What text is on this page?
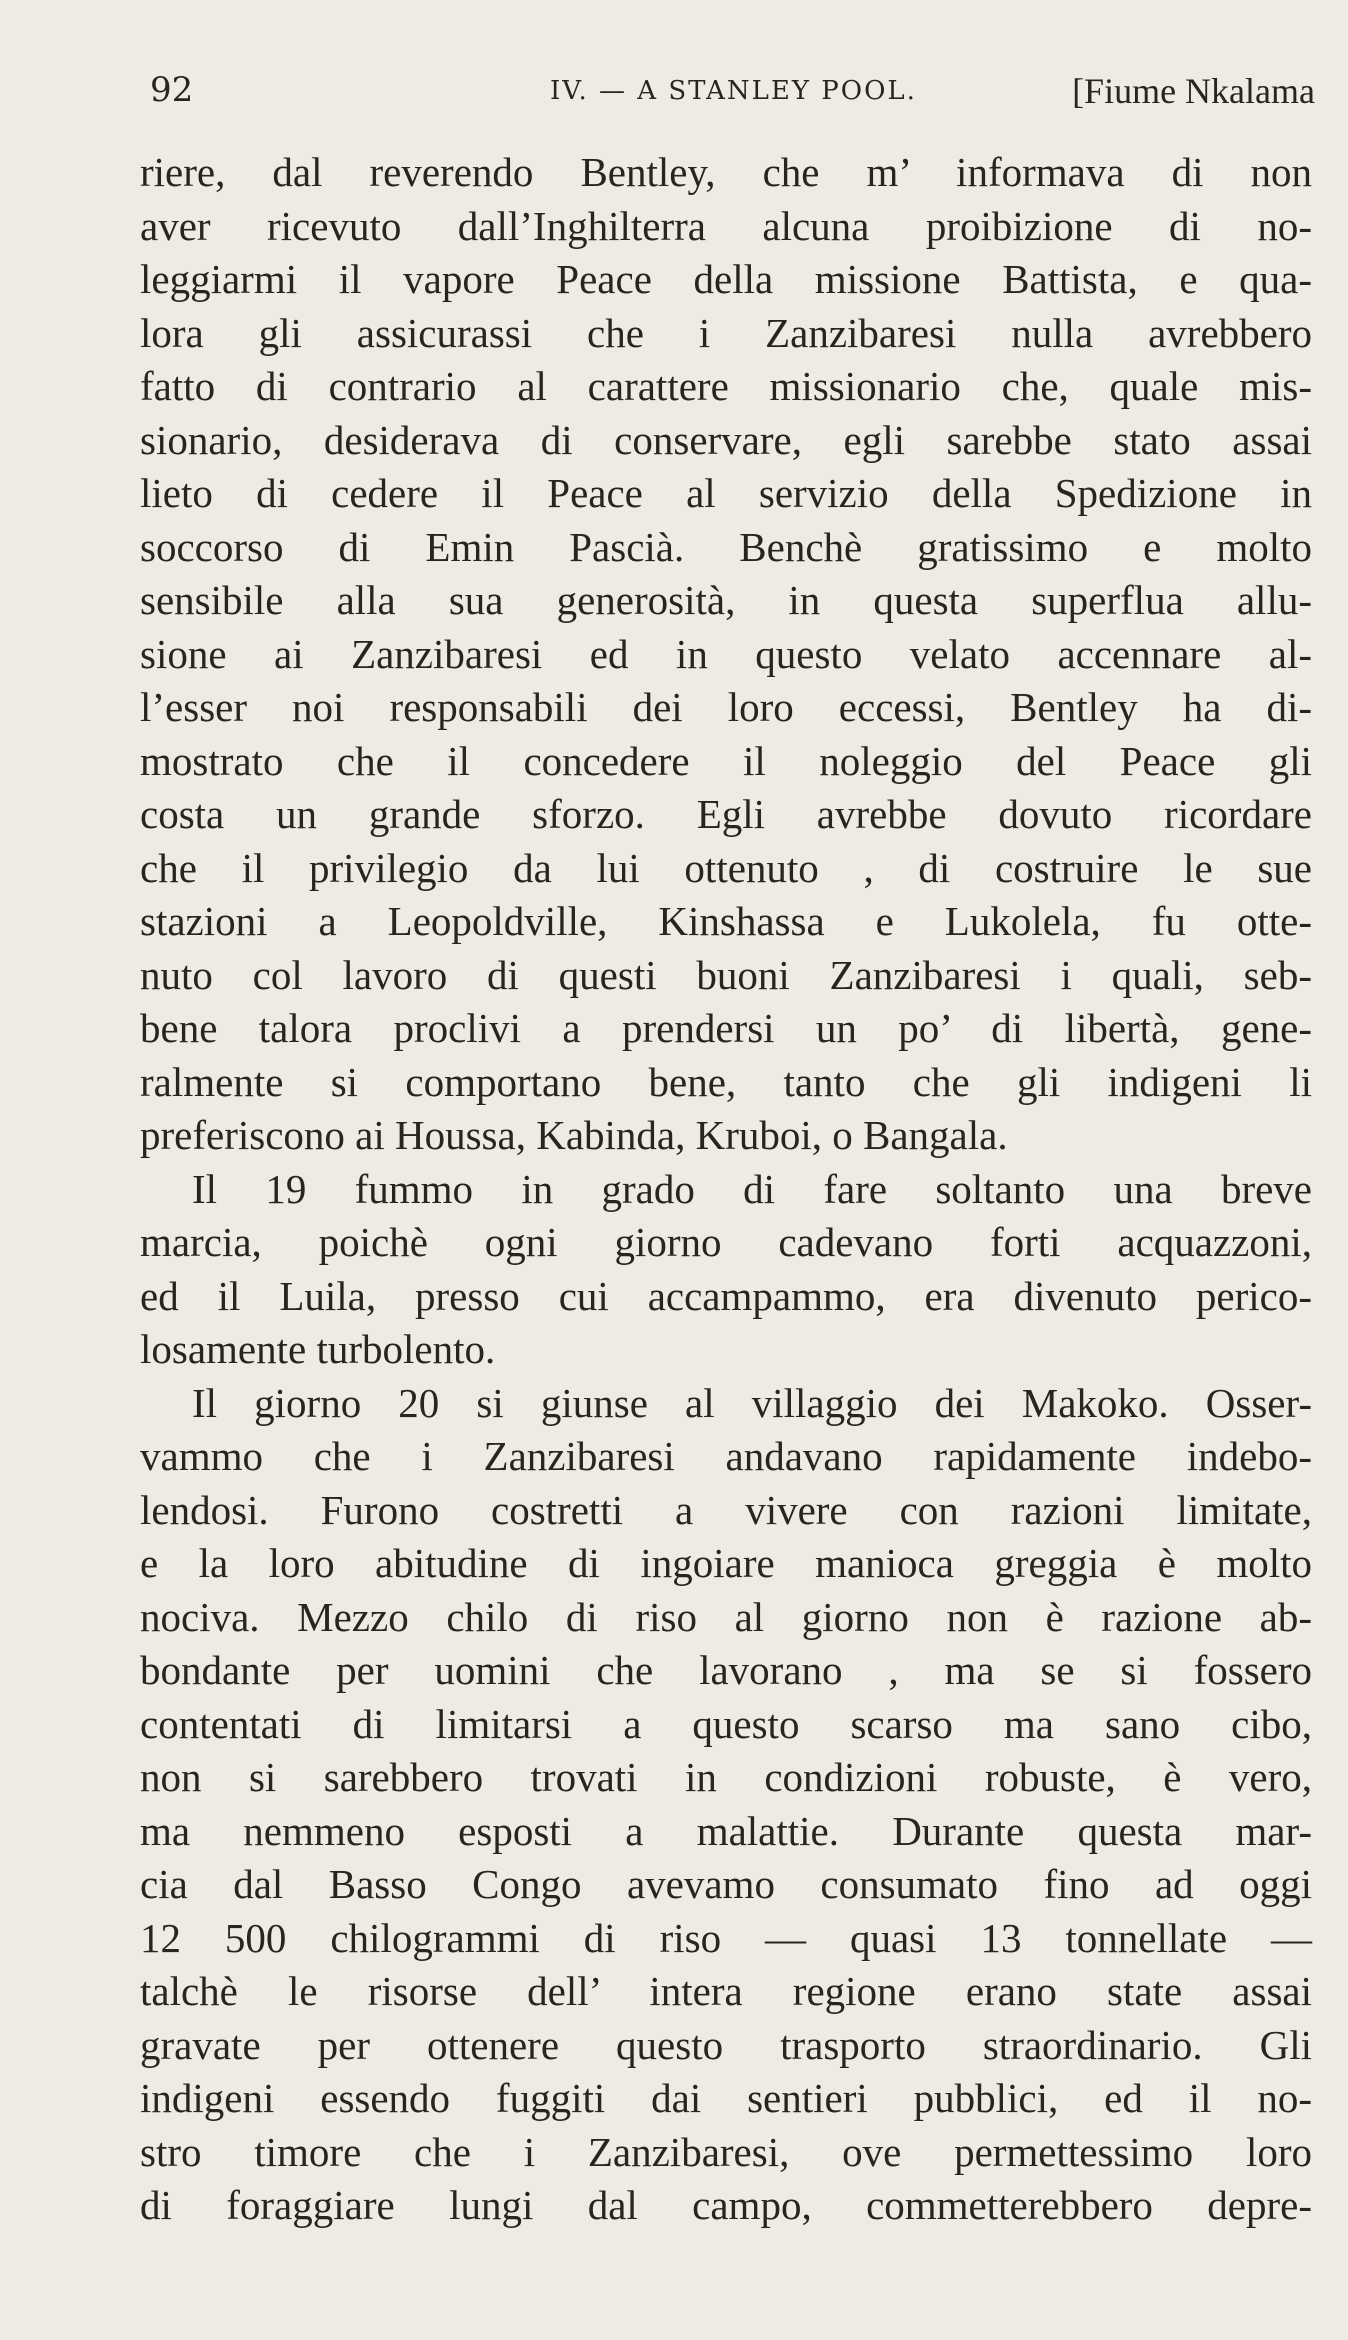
92	IV. — A STANLEY POOL.	[Fiume Nkalama
riere, dal reverendo Bentley, che m’ informava di non
aver ricevuto dall’Inghilterra alcuna proibizione di no-
leggiarmi il vapore Peace della missione Battista, e qua-
lora gli assicurassi che i Zanzibaresi nulla avrebbero
fatto di contrario al carattere missionario che, quale mis-
sionario, desiderava di conservare, egli sarebbe stato assai
lieto di cedere il Peace al servizio della Spedizione in
soccorso di Emin Pascià. Benchè gratissimo e molto
sensibile alla sua generosità, in questa superflua allu-
sione ai Zanzibaresi ed in questo velato accennare al-
l’esser noi responsabili dei loro eccessi, Bentley ha di-
mostrato che il concedere il noleggio del Peace gli
costa un grande sforzo. Egli avrebbe dovuto ricordare
che il privilegio da lui ottenuto , di costruire le sue
stazioni a Leopoldville, Kinshassa e Lukolela, fu otte-
nuto col lavoro di questi buoni Zanzibaresi i quali, seb-
bene talora proclivi a prendersi un po’ di libertà, gene-
ralmente si comportano bene, tanto che gli indigeni li
preferiscono ai Houssa, Kabinda, Kruboi, o Bangala.
Il 19 fummo in grado di fare soltanto una breve
marcia, poichè ogni giorno cadevano forti acquazzoni,
ed il Luila, presso cui accampammo, era divenuto perico-
losamente turbolento.
Il giorno 20 si giunse al villaggio dei Makoko. Osser-
vammo che i Zanzibaresi andavano rapidamente indebo-
lendosi. Furono costretti a vivere con razioni limitate,
e la loro abitudine di ingoiare manioca greggia è molto
nociva. Mezzo chilo di riso al giorno non è razione ab-
bondante per uomini che lavorano , ma se si fossero
contentati di limitarsi a questo scarso ma sano cibo,
non si sarebbero trovati in condizioni robuste, è vero,
ma nemmeno esposti a malattie. Durante questa mar-
cia dal Basso Congo avevamo consumato fino ad oggi
12 500 chilogrammi di riso — quasi 13 tonnellate —
talchè le risorse dell’ intera regione erano state assai
gravate per ottenere questo trasporto straordinario. Gli
indigeni essendo fuggiti dai sentieri pubblici, ed il no-
stro timore che i Zanzibaresi, ove permettessimo loro
di foraggiare lungi dal campo, commetterebbero depre-
